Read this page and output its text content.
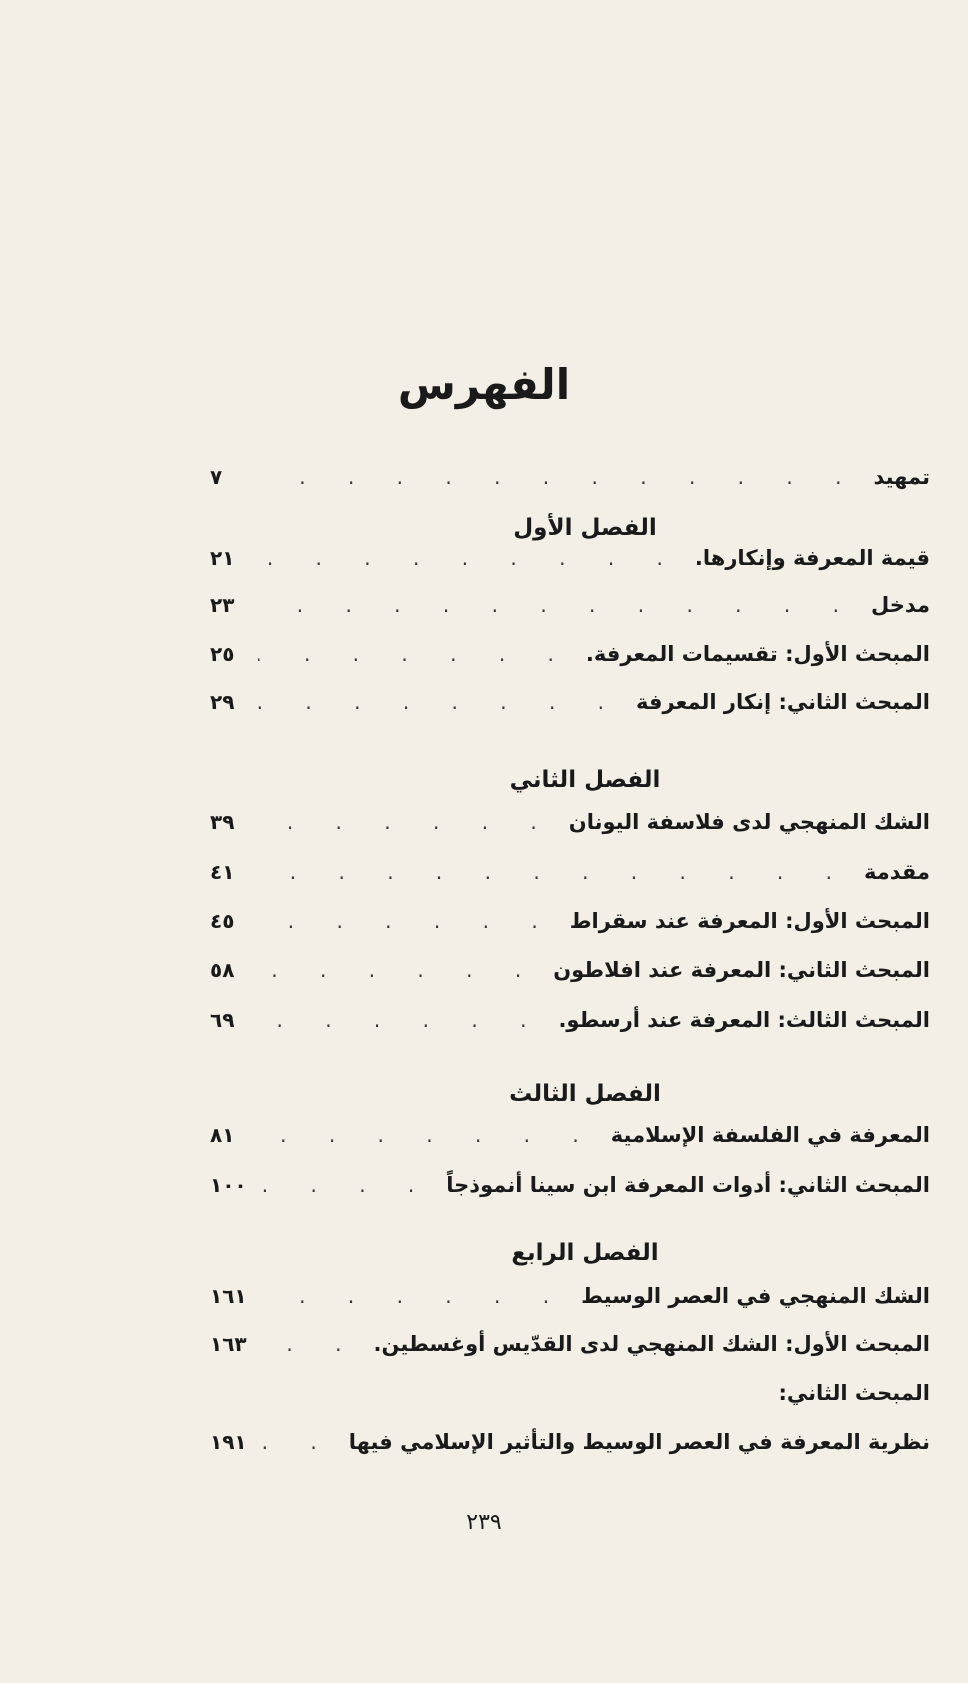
الفهرس
تمهيد
. . .
٧
الفصل الأول
قيمة المعرفة وإنكارها.
. . .
٢١
مدخل
. . .
٢٣
المبحث الأول: تقسيمات المعرفة.
. . .
٢٥
المبحث الثاني: إنكار المعرفة
. . .
٢٩
الفصل الثاني
الشك المنهجي لدى فلاسفة اليونان
. . .
٣٩
مقدمة
. . .
٤١
المبحث الأول: المعرفة عند سقراط
. . .
٤٥
المبحث الثاني: المعرفة عند افلاطون
. . .
٥٨
المبحث الثالث: المعرفة عند أرسطو.
. . .
٦٩
الفصل الثالث
المعرفة في الفلسفة الإسلامية
. . .
٨١
المبحث الثاني: أدوات المعرفة ابن سينا أنموذجاً
. . .
١٠٠
الفصل الرابع
الشك المنهجي في العصر الوسيط
. . .
١٦١
المبحث الأول: الشك المنهجي لدى القدّيس أوغسطين.
. . .
١٦٣
المبحث الثاني:
نظرية المعرفة في العصر الوسيط والتأثير الإسلامي فيها
. . .
١٩١
٢٣٩
